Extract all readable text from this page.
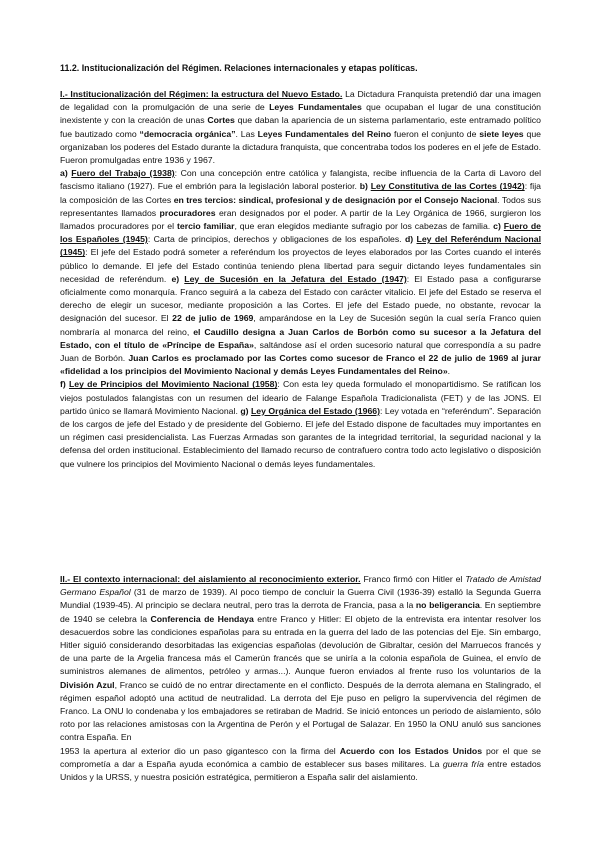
11.2. Institucionalización del Régimen. Relaciones internacionales y etapas políticas.

I.- Institucionalización del Régimen: la estructura del Nuevo Estado. La Dictadura Franquista pretendió dar una imagen de legalidad con la promulgación de una serie de Leyes Fundamentales que ocupaban el lugar de una constitución inexistente y con la creación de unas Cortes que daban la apariencia de un sistema parlamentario, este entramado político fue bautizado como “democracia orgánica”. Las Leyes Fundamentales del Reino fueron el conjunto de siete leyes que organizaban los poderes del Estado durante la dictadura franquista, que concentraba todos los poderes en el jefe de Estado. Fueron promulgadas entre 1936 y 1967.

a) Fuero del Trabajo (1938): Con una concepción entre católica y falangista, recibe influencia de la Carta di Lavoro del fascismo italiano (1927). Fue el embrión para la legislación laboral posterior. b) Ley Constitutiva de las Cortes (1942): fija la composición de las Cortes en tres tercios: sindical, profesional y de designación por el Consejo Nacional. Todos sus representantes llamados procuradores eran designados por el poder. A partir de la Ley Orgánica de 1966, surgieron los llamados procuradores por el tercio familiar, que eran elegidos mediante sufragio por los cabezas de familia. c) Fuero de los Españoles (1945): Carta de principios, derechos y obligaciones de los españoles. d) Ley del Referéndum Nacional (1945): El jefe del Estado podrá someter a referéndum los proyectos de leyes elaborados por las Cortes cuando el interés público lo demande. El jefe del Estado continúa teniendo plena libertad para seguir dictando leyes fundamentales sin necesidad de referéndum. e) Ley de Sucesión en la Jefatura del Estado (1947): El Estado pasa a configurarse oficialmente como monarquía. Franco seguirá a la cabeza del Estado con carácter vitalicio. El jefe del Estado se reserva el derecho de elegir un sucesor, mediante proposición a las Cortes. El jefe del Estado puede, no obstante, revocar la designación del sucesor. El 22 de julio de 1969, amparándose en la Ley de Sucesión según la cual sería Franco quien nombraría al monarca del reino, el Caudillo designa a Juan Carlos de Borbón como su sucesor a la Jefatura del Estado, con el título de «Príncipe de España», saltándose así el orden sucesorio natural que correspondía a su padre Juan de Borbón. Juan Carlos es proclamado por las Cortes como sucesor de Franco el 22 de julio de 1969 al jurar «fidelidad a los principios del Movimiento Nacional y demás Leyes Fundamentales del Reino».

f) Ley de Principios del Movimiento Nacional (1958): Con esta ley queda formulado el monopartidismo. Se ratifican los viejos postulados falangistas con un resumen del ideario de Falange Española Tradicionalista (FET) y de las JONS. El partido único se llamará Movimiento Nacional. g) Ley Orgánica del Estado (1966): Ley votada en “referéndum”. Separación de los cargos de jefe del Estado y de presidente del Gobierno. El jefe del Estado dispone de facultades muy importantes en un régimen casi presidencialista. Las Fuerzas Armadas son garantes de la integridad territorial, la seguridad nacional y la defensa del orden institucional. Establecimiento del llamado recurso de contrafuero contra todo acto legislativo o disposición que vulnere los principios del Movimiento Nacional o demás leyes fundamentales.

II.- El contexto internacional: del aislamiento al reconocimiento exterior. Franco firmó con Hitler el Tratado de Amistad Germano Español (31 de marzo de 1939). Al poco tiempo de concluir la Guerra Civil (1936-39) estalló la Segunda Guerra Mundial (1939-45). Al principio se declara neutral, pero tras la derrota de Francia, pasa a la no beligerancia. En septiembre de 1940 se celebra la Conferencia de Hendaya entre Franco y Hitler: El objeto de la entrevista era intentar resolver los desacuerdos sobre las condiciones españolas para su entrada en la guerra del lado de las potencias del Eje. Sin embargo, Hitler siguió considerando desorbitadas las exigencias españolas (devolución de Gibraltar, cesión del Marruecos francés y de una parte de la Argelia francesa más el Camerún francés que se uniría a la colonia española de Guinea, el envío de suministros alemanes de alimentos, petróleo y armas...). Aunque fueron enviados al frente ruso los voluntarios de la División Azul, Franco se cuidó de no entrar directamente en el conflicto. Después de la derrota alemana en Stalingrado, el régimen español adoptó una actitud de neutralidad. La derrota del Eje puso en peligro la supervivencia del régimen de Franco. La ONU lo condenaba y los embajadores se retiraban de Madrid. Se inició entonces un periodo de aislamiento, sólo roto por las relaciones amistosas con la Argentina de Perón y el Portugal de Salazar. En 1950 la ONU anuló sus sanciones contra España. En

1953 la apertura al exterior dio un paso gigantesco con la firma del Acuerdo con los Estados Unidos por el que se comprometía a dar a España ayuda económica a cambio de establecer sus bases militares. La guerra fría entre estados Unidos y la URSS, y nuestra posición estratégica, permitieron a España salir del aislamiento.
